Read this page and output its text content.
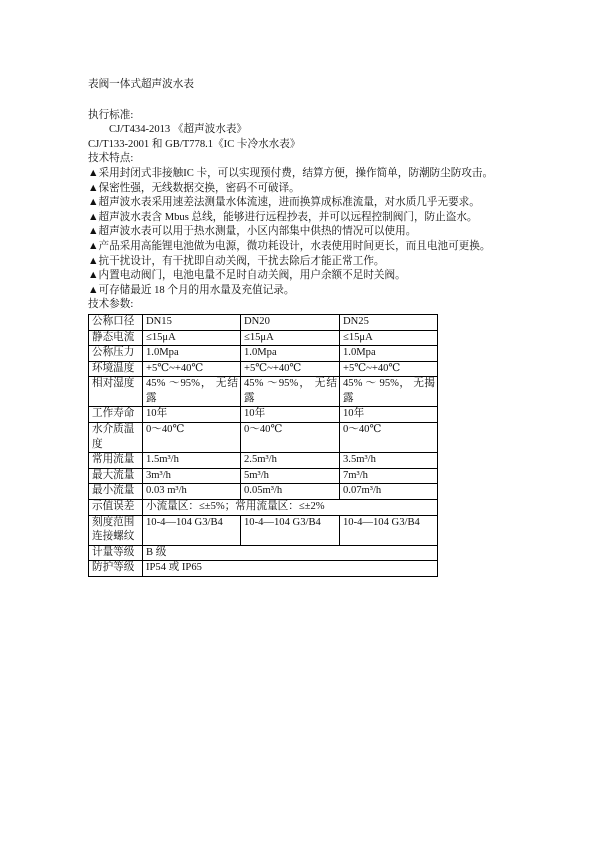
表阀一体式超声波水表
执行标准:
CJ/T434-2013 《超声波水表》
CJ/T133-2001 和 GB/T778.1《IC 卡冷水水表》
技术特点:
▲采用封闭式非接触IC 卡，可以实现预付费，结算方便，操作简单，防潮防尘防攻击。
▲保密性强，无线数据交换，密码不可破译。
▲超声波水表采用速差法测量水体流速，进而换算成标准流量，对水质几乎无要求。
▲超声波水表含 Mbus 总线，能够进行远程抄表，并可以远程控制阀门，防止盗水。
▲超声波水表可以用于热水测量，小区内部集中供热的情况可以使用。
▲产品采用高能锂电池做为电源，微功耗设计，水表使用时间更长，而且电池可更换。
▲抗干扰设计，有干扰即自动关阀，干扰去除后才能正常工作。
▲内置电动阀门，电池电量不足时自动关阀，用户余额不足时关阀。
▲可存储最近 18 个月的用水量及充值记录。
技术参数:
公称口径	DN15	DN20	DN25
静态电流	≤15μA	≤15μA	≤15μA
公称压力	1.0Mpa	1.0Mpa	1.0Mpa
环境温度	+5℃~+40℃	+5℃~+40℃	+5℃~+40℃
相对湿度	45% ～95%， 无结露	45% ～95%， 无结露	45% ～ 95%， 无揭露
工作寿命	10年	10年	10年
水介质温度	0～40℃	0～40℃	0～40℃
常用流量	1.5m³/h	2.5m³/h	3.5m³/h
最大流量	3m³/h	5m³/h	7m³/h
最小流量	0.03 m³/h	0.05m³/h	0.07m³/h
示值误差	小流量区：≤±5%；常用流量区：≤±2%		
刻度范围连接螺纹	10-4—104 G3/B4	10-4—104 G3/B4	10-4—104 G3/B4
计量等级	B 级		
防护等级	IP54 或 IP65		
